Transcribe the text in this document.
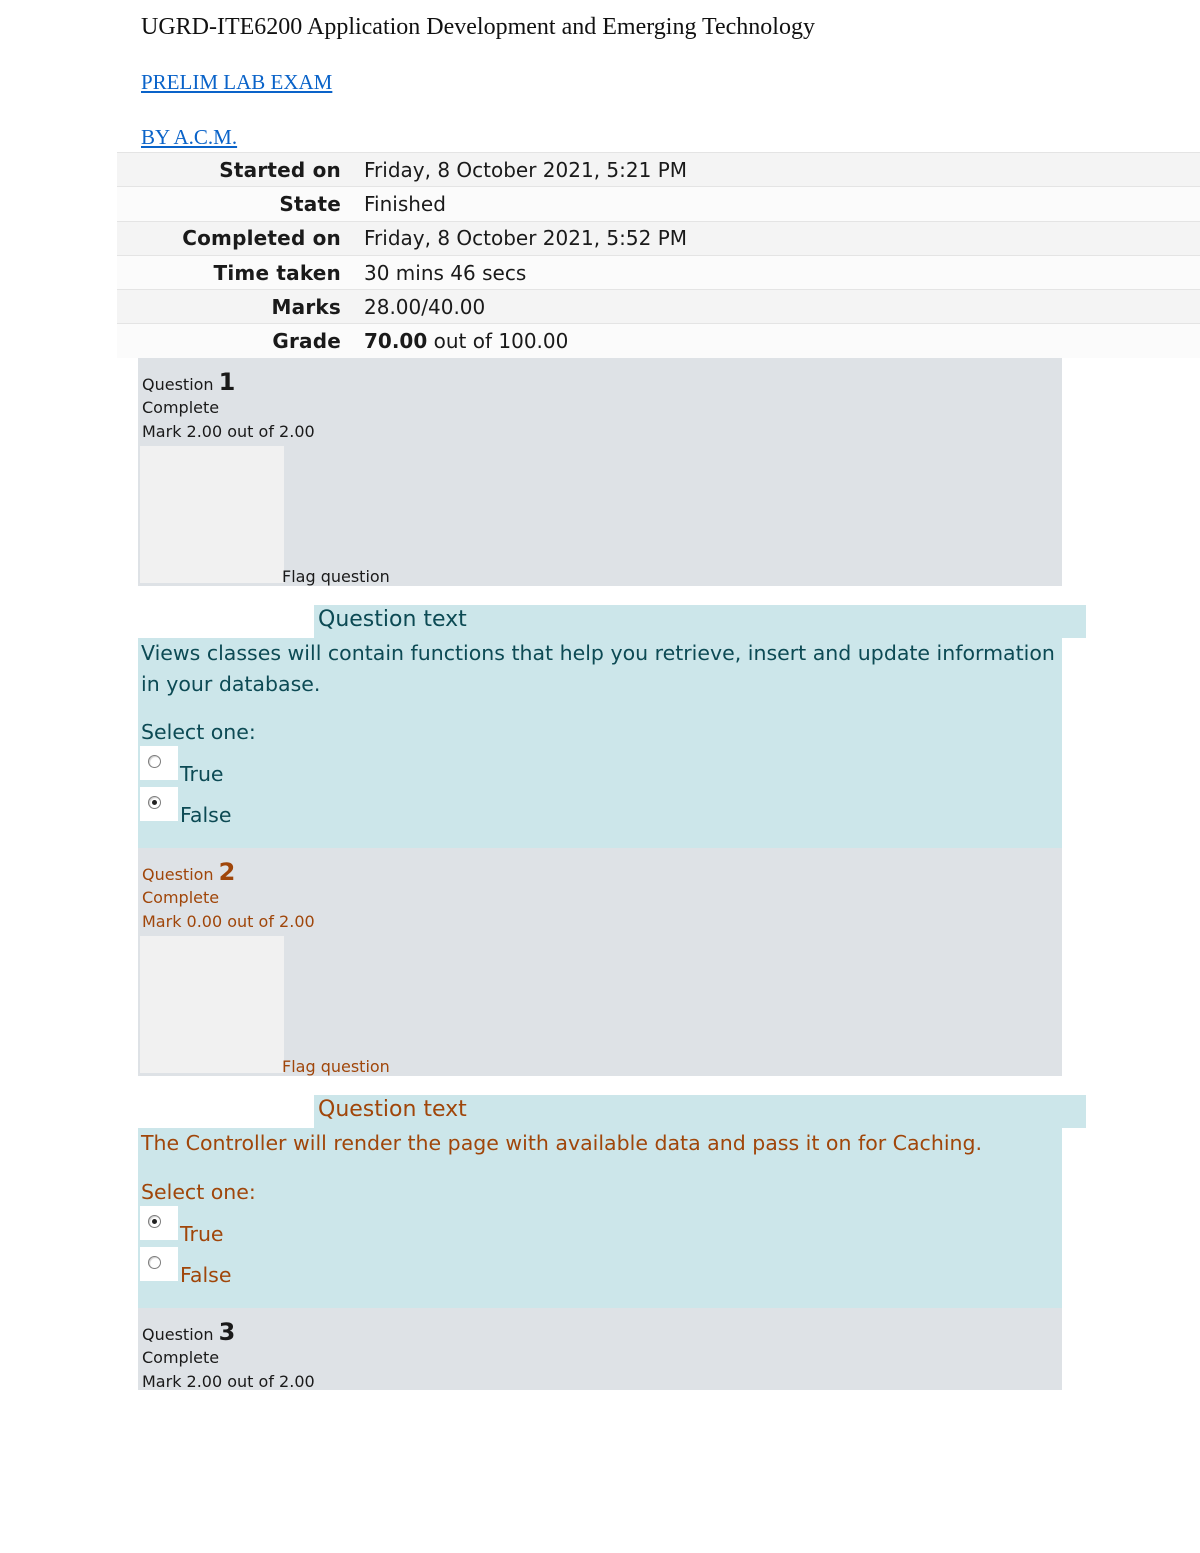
UGRD-ITE6200 Application Development and Emerging Technology
PRELIM LAB EXAM
BY A.C.M.
Started on	Friday, 8 October 2021, 5:21 PM
State	Finished
Completed on	Friday, 8 October 2021, 5:52 PM
Time taken	30 mins 46 secs
Marks	28.00/40.00
Grade	70.00 out of 100.00
Question 1
Complete
Mark 2.00 out of 2.00
Flag question
Question text
Views classes will contain functions that help you retrieve, insert and update information in your database.
Select one:
True
False
Question 2
Complete
Mark 0.00 out of 2.00
Flag question
Question text
The Controller will render the page with available data and pass it on for Caching.
Select one:
True
False
Question 3
Complete
Mark 2.00 out of 2.00
